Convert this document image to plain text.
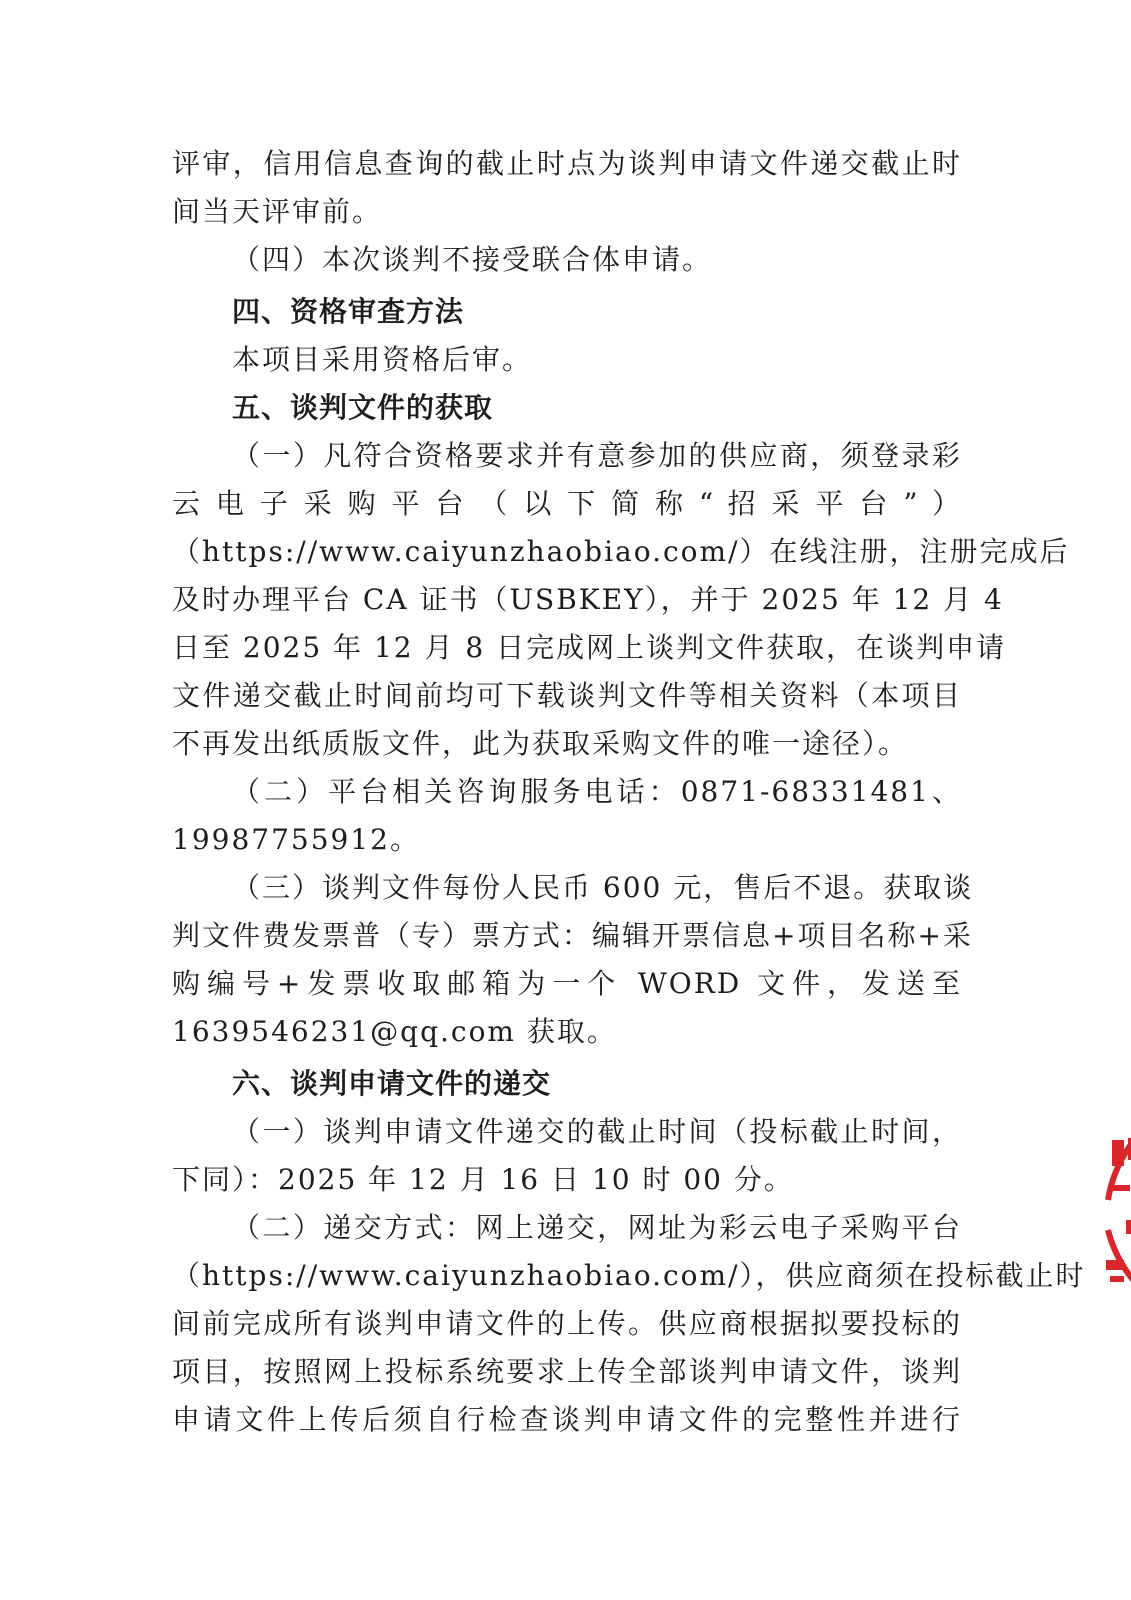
评审，信用信息查询的截止时点为谈判申请文件递交截止时
间当天评审前。
（四）本次谈判不接受联合体申请。
四、资格审查方法
本项目采用资格后审。
五、谈判文件的获取
（一）凡符合资格要求并有意参加的供应商，须登录彩
云 电 子 采 购 平 台 （ 以 下 简 称 “ 招 采 平 台 ” ）
（https://www.caiyunzhaobiao.com/）在线注册，注册完成后
及时办理平台 CA 证书（USBKEY），并于 2025 年 12 月 4
日至 2025 年 12 月 8 日完成网上谈判文件获取，在谈判申请
文件递交截止时间前均可下载谈判文件等相关资料（本项目
不再发出纸质版文件，此为获取采购文件的唯一途径）。
（二）平台相关咨询服务电话：0871-68331481、
19987755912。
（三）谈判文件每份人民币 600 元，售后不退。获取谈
判文件费发票普（专）票方式：编辑开票信息+项目名称+采
购编号+发票收取邮箱为一个 WORD 文件，发送至
1639546231@qq.com 获取。
六、谈判申请文件的递交
（一）谈判申请文件递交的截止时间（投标截止时间，
下同）：2025 年 12 月 16 日 10 时 00 分。
（二）递交方式：网上递交，网址为彩云电子采购平台
（https://www.caiyunzhaobiao.com/），供应商须在投标截止时
间前完成所有谈判申请文件的上传。供应商根据拟要投标的
项目，按照网上投标系统要求上传全部谈判申请文件，谈判
申请文件上传后须自行检查谈判申请文件的完整性并进行
